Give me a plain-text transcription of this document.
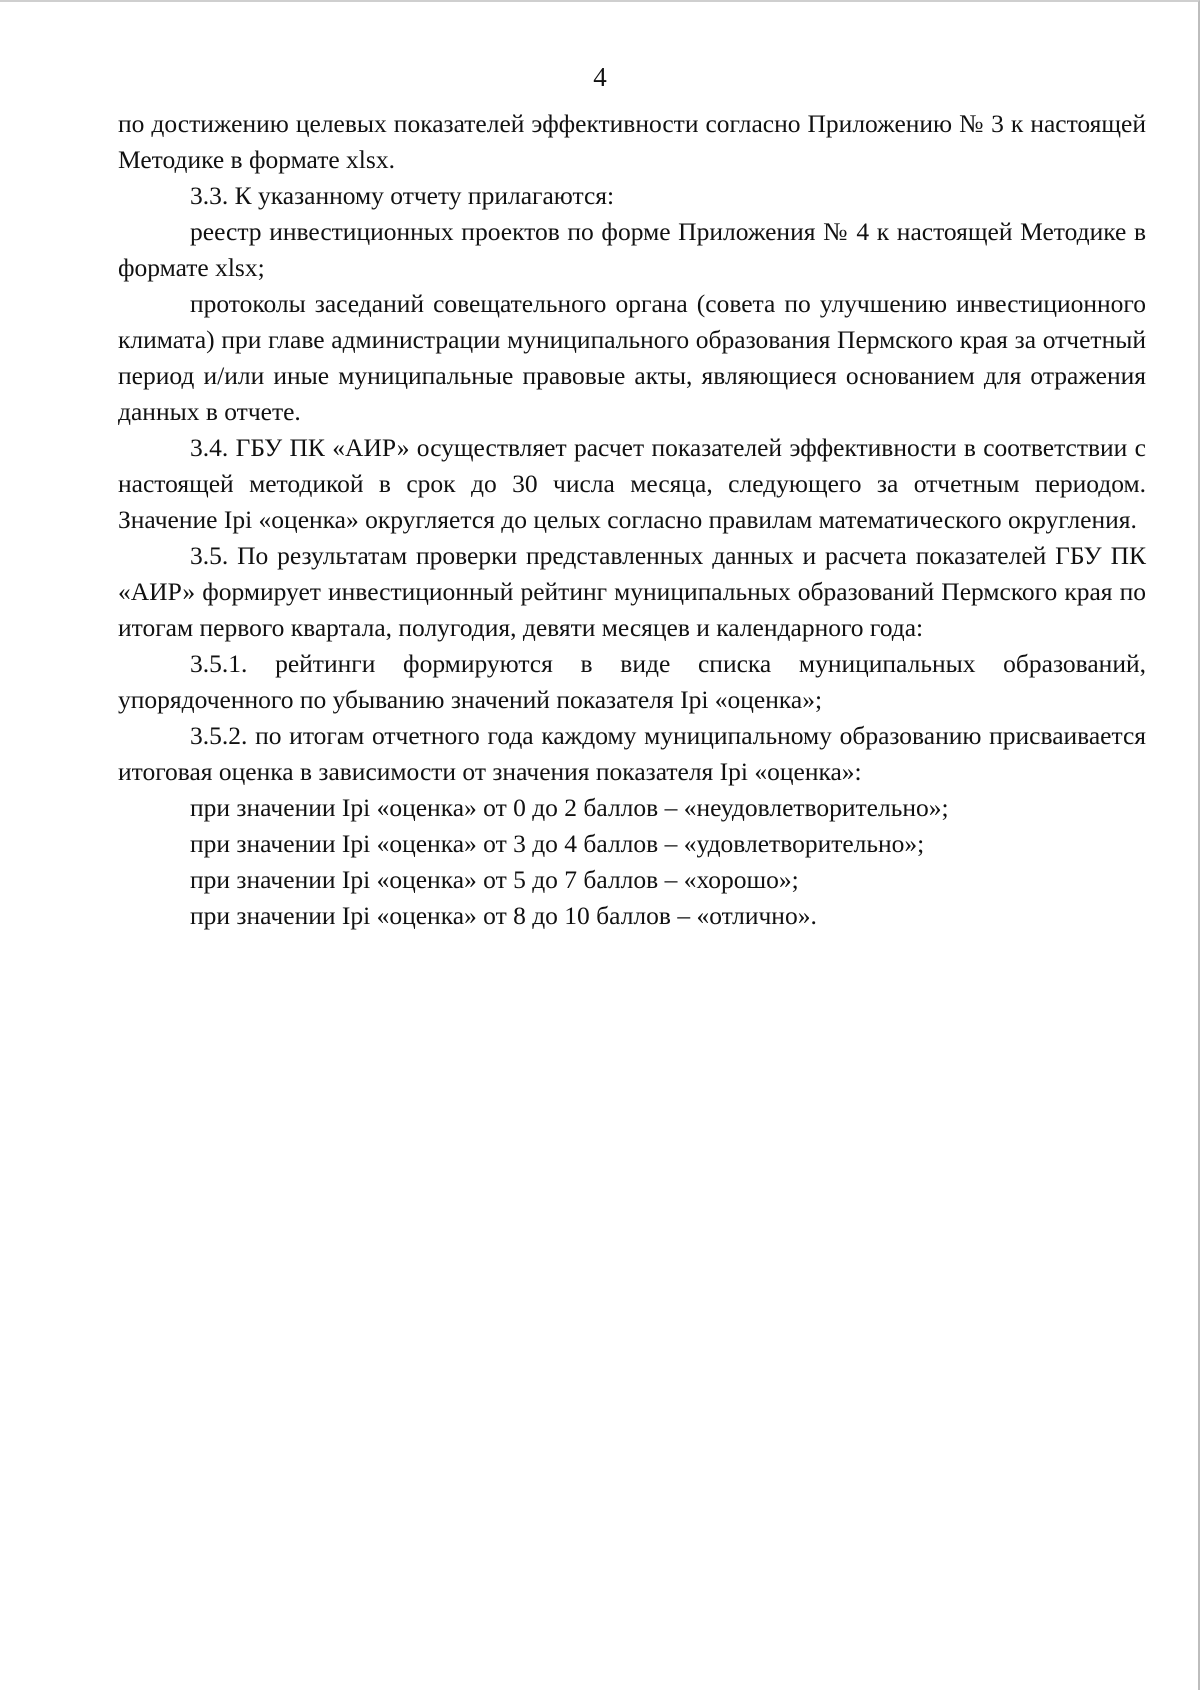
4

по достижению целевых показателей эффективности согласно Приложению № 3 к настоящей Методике в формате xlsx.

3.3. К указанному отчету прилагаются:

реестр инвестиционных проектов по форме Приложения № 4 к настоящей Методике в формате xlsx;

протоколы заседаний совещательного органа (совета по улучшению инвестиционного климата) при главе администрации муниципального образования Пермского края за отчетный период и/или иные муниципальные правовые акты, являющиеся основанием для отражения данных в отчете.

3.4. ГБУ ПК «АИР» осуществляет расчет показателей эффективности в соответствии с настоящей методикой в срок до 30 числа месяца, следующего за отчетным периодом. Значение Ipi «оценка» округляется до целых согласно правилам математического округления.

3.5. По результатам проверки представленных данных и расчета показателей ГБУ ПК «АИР» формирует инвестиционный рейтинг муниципальных образований Пермского края по итогам первого квартала, полугодия, девяти месяцев и календарного года:

3.5.1. рейтинги формируются в виде списка муниципальных образований, упорядоченного по убыванию значений показателя Ipi «оценка»;

3.5.2. по итогам отчетного года каждому муниципальному образованию присваивается итоговая оценка в зависимости от значения показателя Ipi «оценка»:

при значении Ipi «оценка» от 0 до 2 баллов – «неудовлетворительно»;

при значении Ipi «оценка» от 3 до 4 баллов – «удовлетворительно»;

при значении Ipi «оценка» от 5 до 7 баллов – «хорошо»;

при значении Ipi «оценка» от 8 до 10 баллов – «отлично».
